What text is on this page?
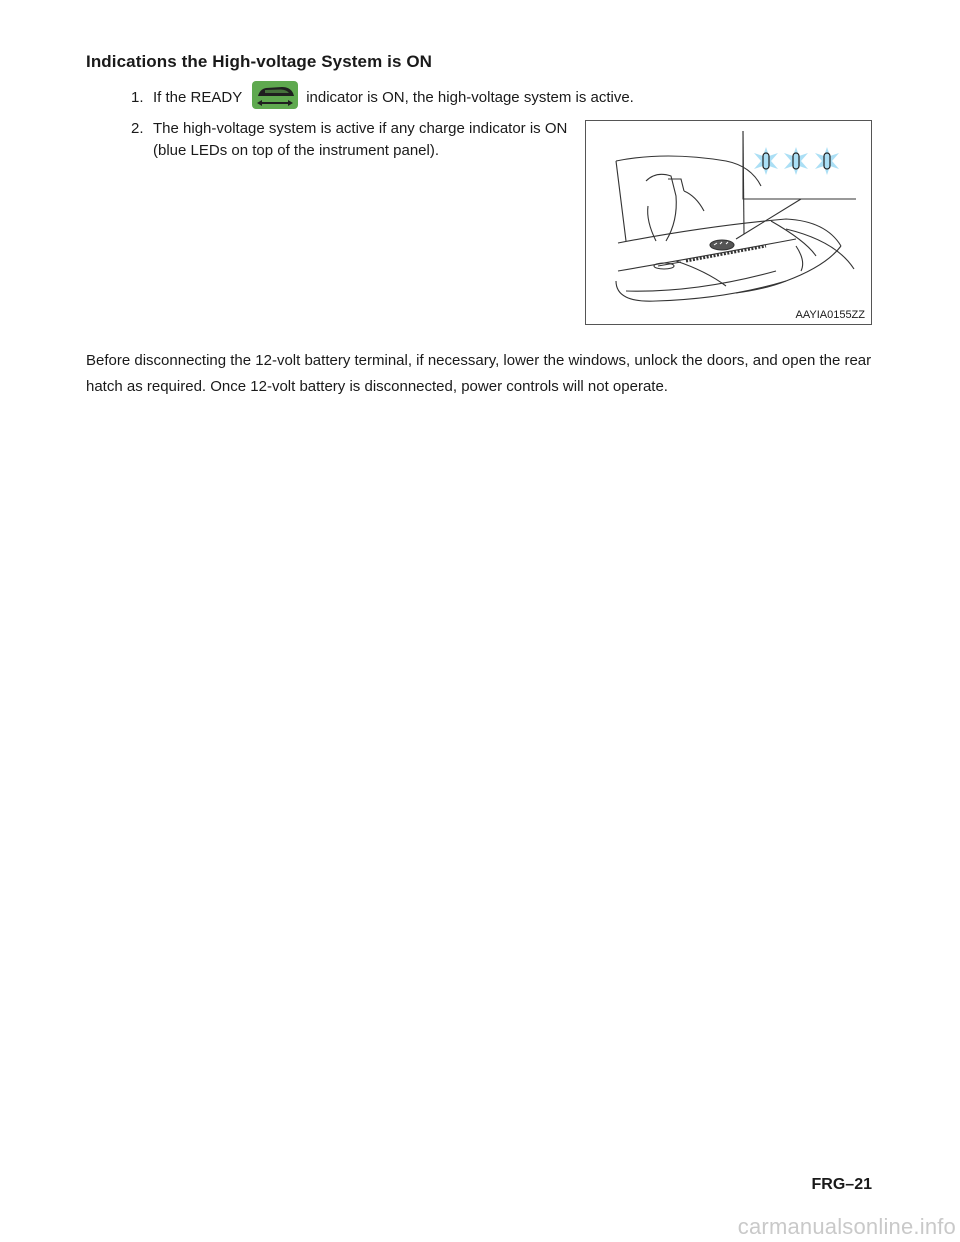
Indications the High-voltage System is ON
1. If the READY	indicator is ON, the high-voltage system is active.
2. The high-voltage system is active if any charge indicator is ON (blue LEDs on top of the instrument panel).
AAYIA0155ZZ

Before disconnecting the 12-volt battery terminal, if necessary, lower the windows, unlock the doors, and open the rear hatch as required. Once 12-volt battery is disconnected, power controls will not operate.

FRG–21

carmanualsonline.info
